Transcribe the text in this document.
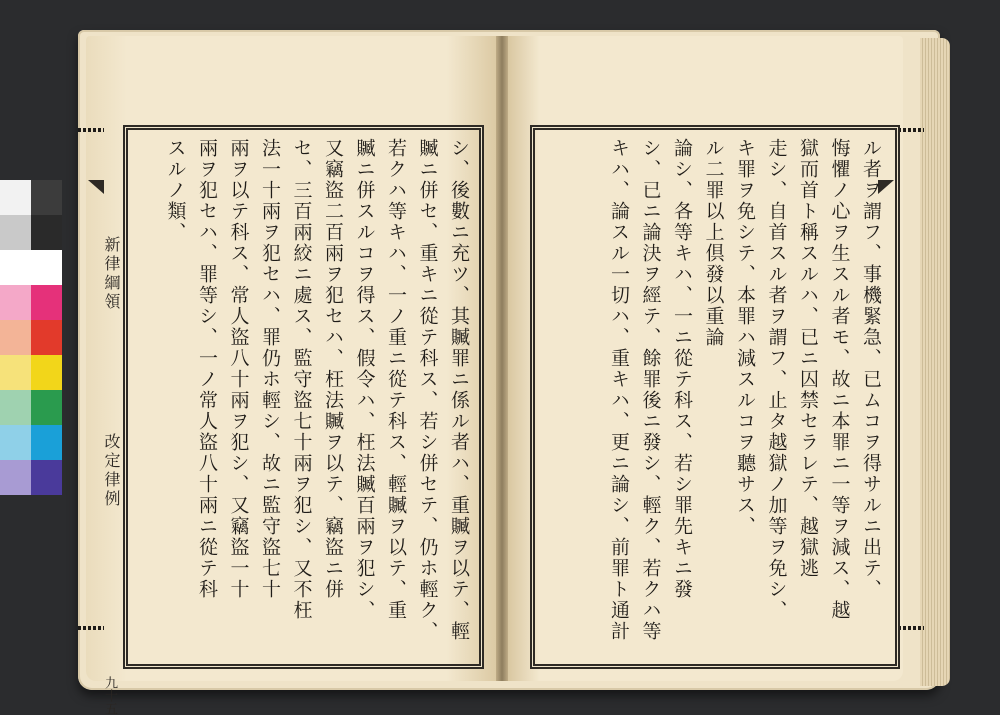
新律綱領
改定律例
九十五
シ、後數ニ充ツ、其贓罪ニ係ル者ハ、重贓ヲ以テ、輕
贓ニ併セ、重キニ從テ科ス、若シ併セテ、仍ホ輕ク、
若クハ等キハ、一ノ重ニ從テ科ス、輕贓ヲ以テ、重
贓ニ併スルコヲ得ス、假令ハ、枉法贓百兩ヲ犯シ、
又竊盜二百兩ヲ犯セハ、枉法贓ヲ以テ、竊盜ニ併
セ、三百兩絞ニ處ス、監守盜七十兩ヲ犯シ、又不枉
法一十兩ヲ犯セハ、罪仍ホ輕シ、故ニ監守盜七十
兩ヲ以テ科ス、常人盜八十兩ヲ犯シ、又竊盜一十
兩ヲ犯セハ、罪等シ、一ノ常人盜八十兩ニ從テ科
スルノ類、	ル者ヲ謂フ、事機緊急、已ムコヲ得サルニ出テ、
悔懼ノ心ヲ生スル者モ、故ニ本罪ニ一等ヲ減ス、越
獄而首ト稱スルハ、已ニ囚禁セラレテ、越獄逃
走シ、自首スル者ヲ謂フ、止タ越獄ノ加等ヲ免シ、
キ罪ヲ免シテ、本罪ハ減スルコヲ聽サス、
ル二罪以上倶發以重論
論シ、各等キハ、一ニ從テ科ス、若シ罪先キニ發
シ、已ニ論決ヲ經テ、餘罪後ニ發シ、輕ク、若クハ等
キハ、論スル一切ハ、重キハ、更ニ論シ、前罪ト通計
